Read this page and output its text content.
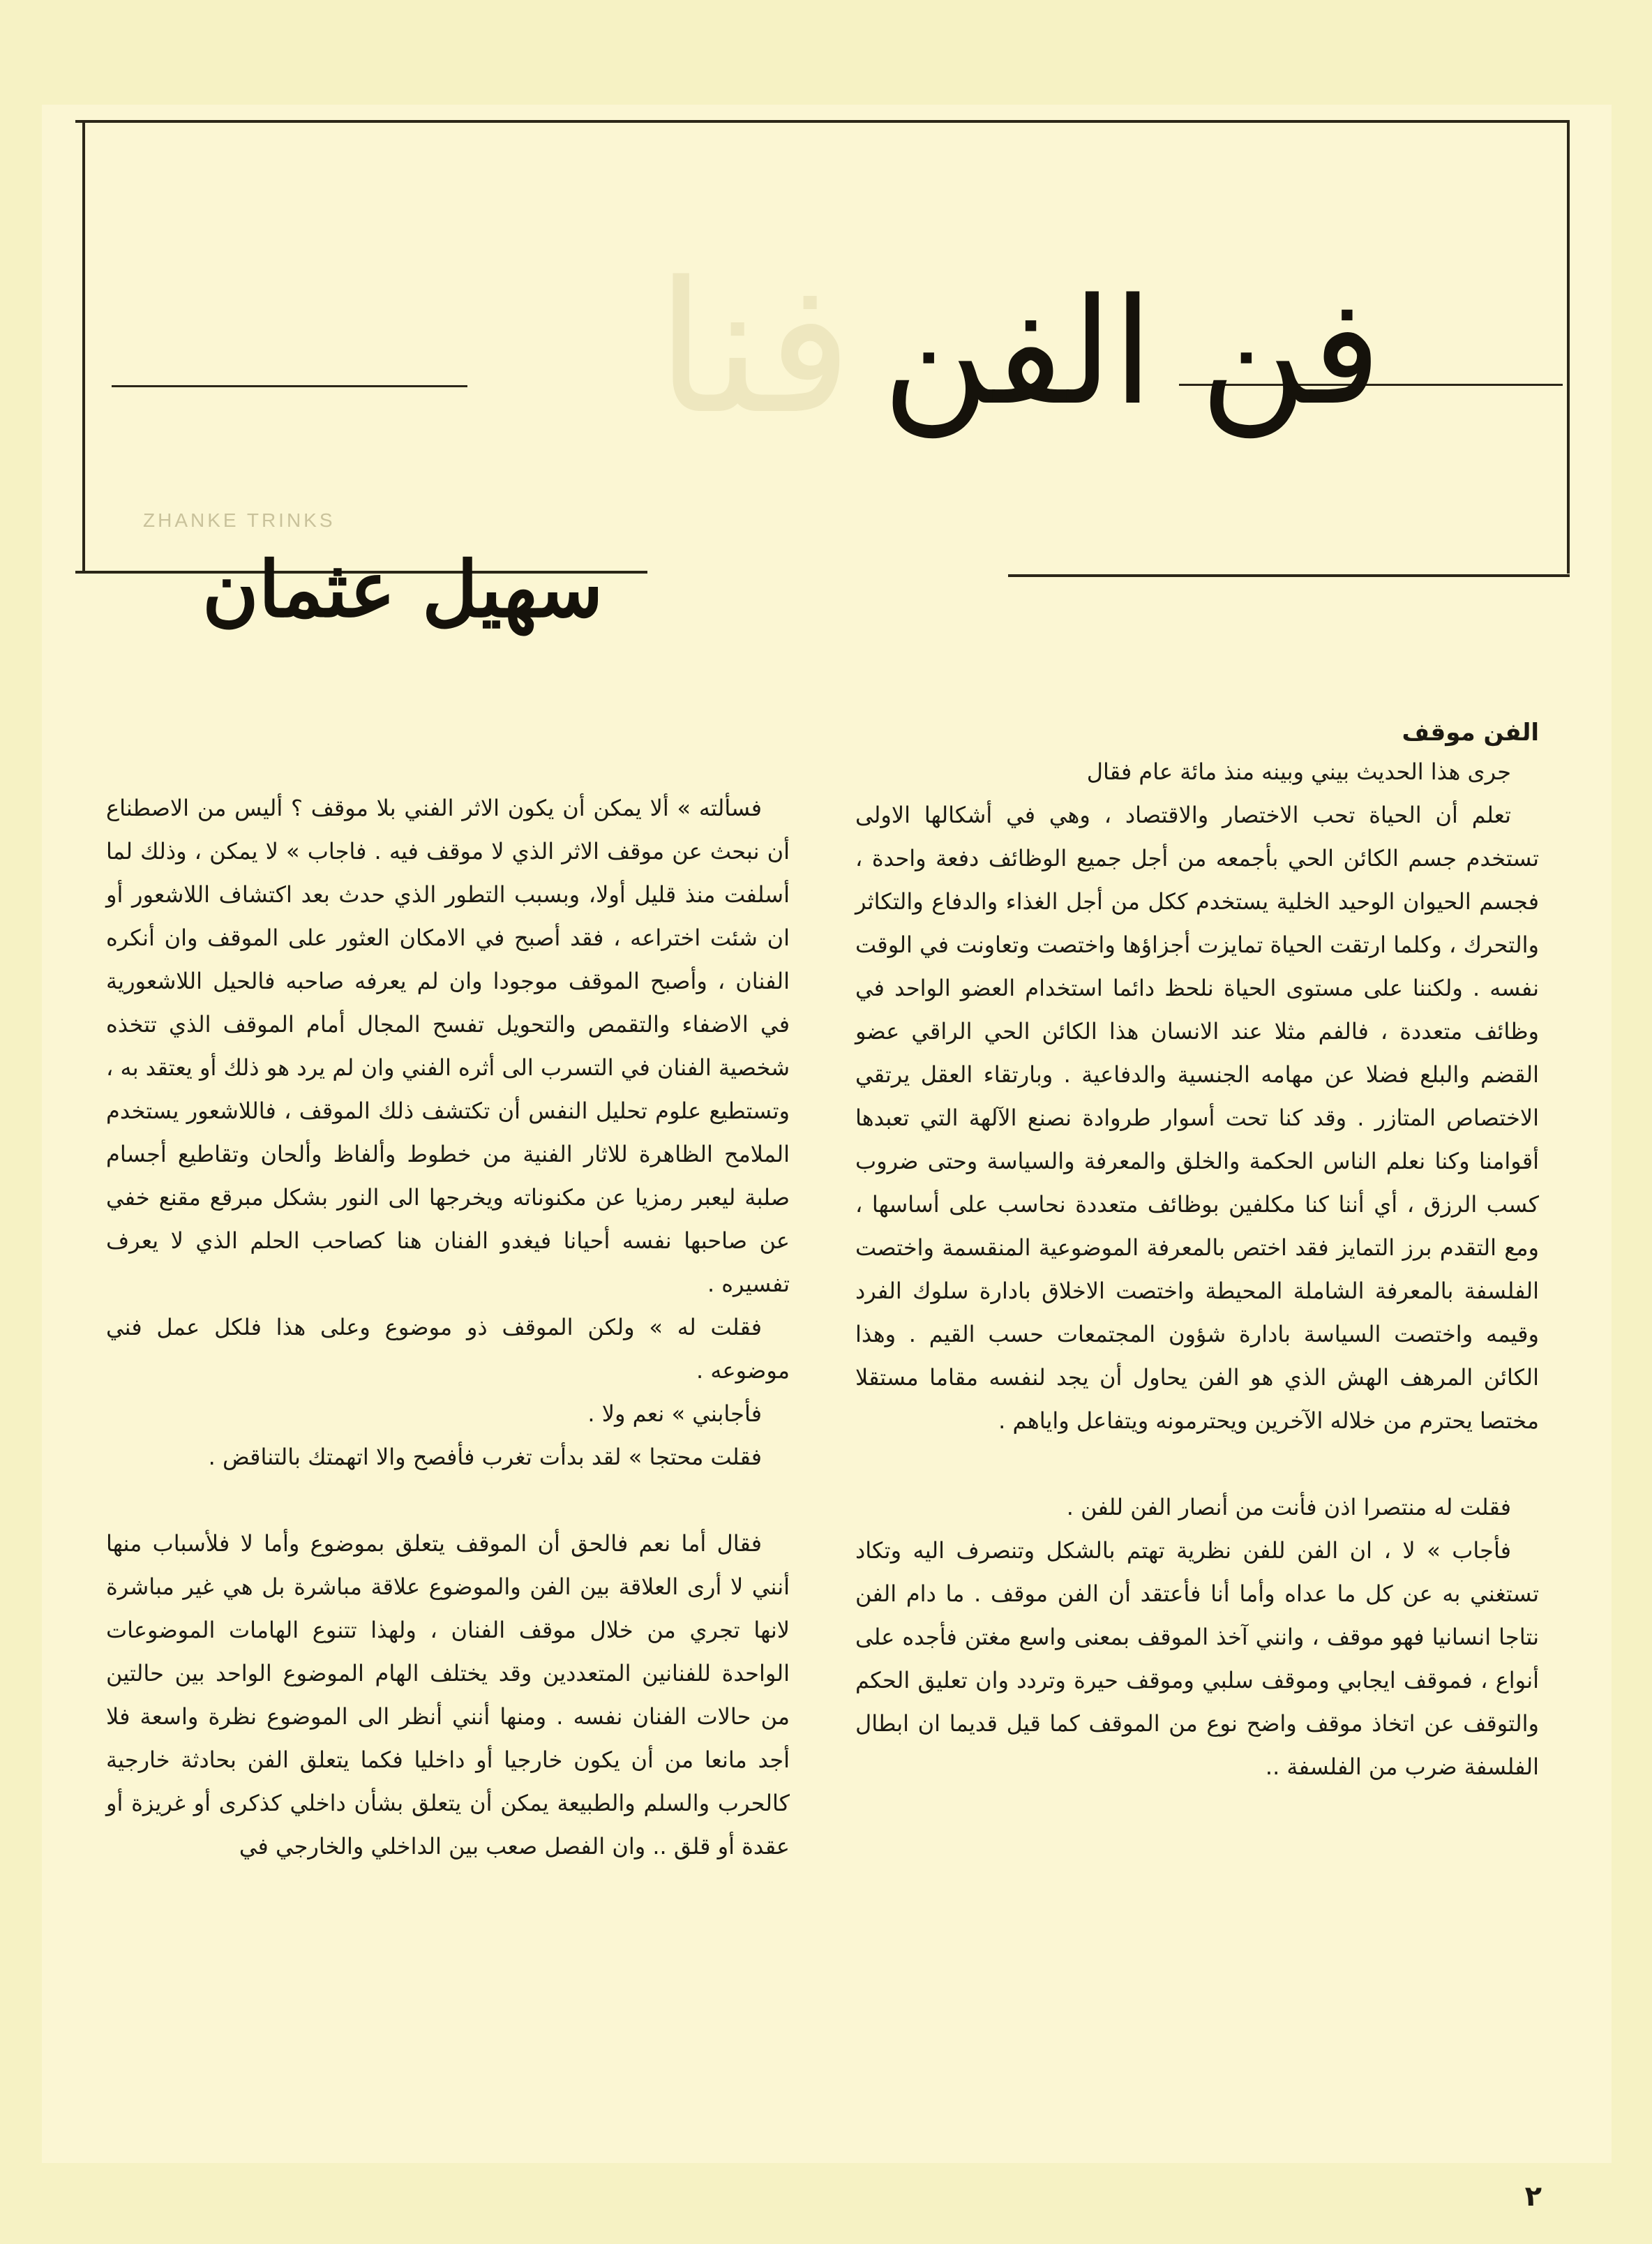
ﻓﻨﺎ فن الفن
ZHANKE TRINKS
سهيل عثمان
الفن موقف

جرى هذا الحديث بيني وبينه منذ مائة عام فقال

تعلم أن الحياة تحب الاختصار والاقتصاد ، وهي في أشكالها الاولى تستخدم جسم الكائن الحي بأجمعه من أجل جميع الوظائف دفعة واحدة ، فجسم الحيوان الوحيد الخلية يستخدم ككل من أجل الغذاء والدفاع والتكاثر والتحرك ، وكلما ارتقت الحياة تمايزت أجزاؤها واختصت وتعاونت في الوقت نفسه . ولكننا على مستوى الحياة نلحظ دائما استخدام العضو الواحد في وظائف متعددة ، فالفم مثلا عند الانسان هذا الكائن الحي الراقي عضو القضم والبلع فضلا عن مهامه الجنسية والدفاعية . وبارتقاء العقل يرتقي الاختصاص المتازر . وقد كنا تحت أسوار طروادة نصنع الآلهة التي تعبدها أقوامنا وكنا نعلم الناس الحكمة والخلق والمعرفة والسياسة وحتى ضروب كسب الرزق ، أي أننا كنا مكلفين بوظائف متعددة نحاسب على أساسها ، ومع التقدم برز التمايز فقد اختص بالمعرفة الموضوعية المنقسمة واختصت الفلسفة بالمعرفة الشاملة المحيطة واختصت الاخلاق بادارة سلوك الفرد وقيمه واختصت السياسة بادارة شؤون المجتمعات حسب القيم . وهذا الكائن المرهف الهش الذي هو الفن يحاول أن يجد لنفسه مقاما مستقلا مختصا يحترم من خلاله الآخرين ويحترمونه ويتفاعل واياهم .

فقلت له منتصرا اذن فأنت من أنصار الفن للفن .

فأجاب » لا ، ان الفن للفن نظرية تهتم بالشكل وتنصرف اليه وتكاد تستغني به عن كل ما عداه وأما أنا فأعتقد أن الفن موقف . ما دام الفن نتاجا انسانيا فهو موقف ، وانني آخذ الموقف بمعنى واسع مغتن فأجده على أنواع ، فموقف ايجابي وموقف سلبي وموقف حيرة وتردد وان تعليق الحكم والتوقف عن اتخاذ موقف واضح نوع من الموقف كما قيل قديما ان ابطال الفلسفة ضرب من الفلسفة ..

فسألته » ألا يمكن أن يكون الاثر الفني بلا موقف ؟ أليس من الاصطناع أن نبحث عن موقف الاثر الذي لا موقف فيه . فاجاب » لا يمكن ، وذلك لما أسلفت منذ قليل أولا، وبسبب التطور الذي حدث بعد اكتشاف اللاشعور أو ان شئت اختراعه ، فقد أصبح في الامكان العثور على الموقف وان أنكره الفنان ، وأصبح الموقف موجودا وان لم يعرفه صاحبه فالحيل اللاشعورية في الاضفاء والتقمص والتحويل تفسح المجال أمام الموقف الذي تتخذه شخصية الفنان في التسرب الى أثره الفني وان لم يرد هو ذلك أو يعتقد به ، وتستطيع علوم تحليل النفس أن تكتشف ذلك الموقف ، فاللاشعور يستخدم الملامح الظاهرة للاثار الفنية من خطوط وألفاظ وألحان وتقاطيع أجسام صلبة ليعبر رمزيا عن مكنوناته ويخرجها الى النور بشكل مبرقع مقنع خفي عن صاحبها نفسه أحيانا فيغدو الفنان هنا كصاحب الحلم الذي لا يعرف تفسيره .

فقلت له » ولكن الموقف ذو موضوع وعلى هذا فلكل عمل فني موضوعه .

فأجابني » نعم ولا .

فقلت محتجا » لقد بدأت تغرب فأفصح والا اتهمتك بالتناقض .

فقال أما نعم فالحق أن الموقف يتعلق بموضوع وأما لا فلأسباب منها أنني لا أرى العلاقة بين الفن والموضوع علاقة مباشرة بل هي غير مباشرة لانها تجري من خلال موقف الفنان ، ولهذا تتنوع الهامات الموضوعات الواحدة للفنانين المتعددين وقد يختلف الهام الموضوع الواحد بين حالتين من حالات الفنان نفسه . ومنها أنني أنظر الى الموضوع نظرة واسعة فلا أجد مانعا من أن يكون خارجيا أو داخليا فكما يتعلق الفن بحادثة خارجية كالحرب والسلم والطبيعة يمكن أن يتعلق بشأن داخلي كذكرى أو غريزة أو عقدة أو قلق .. وان الفصل صعب بين الداخلي والخارجي في

٢
